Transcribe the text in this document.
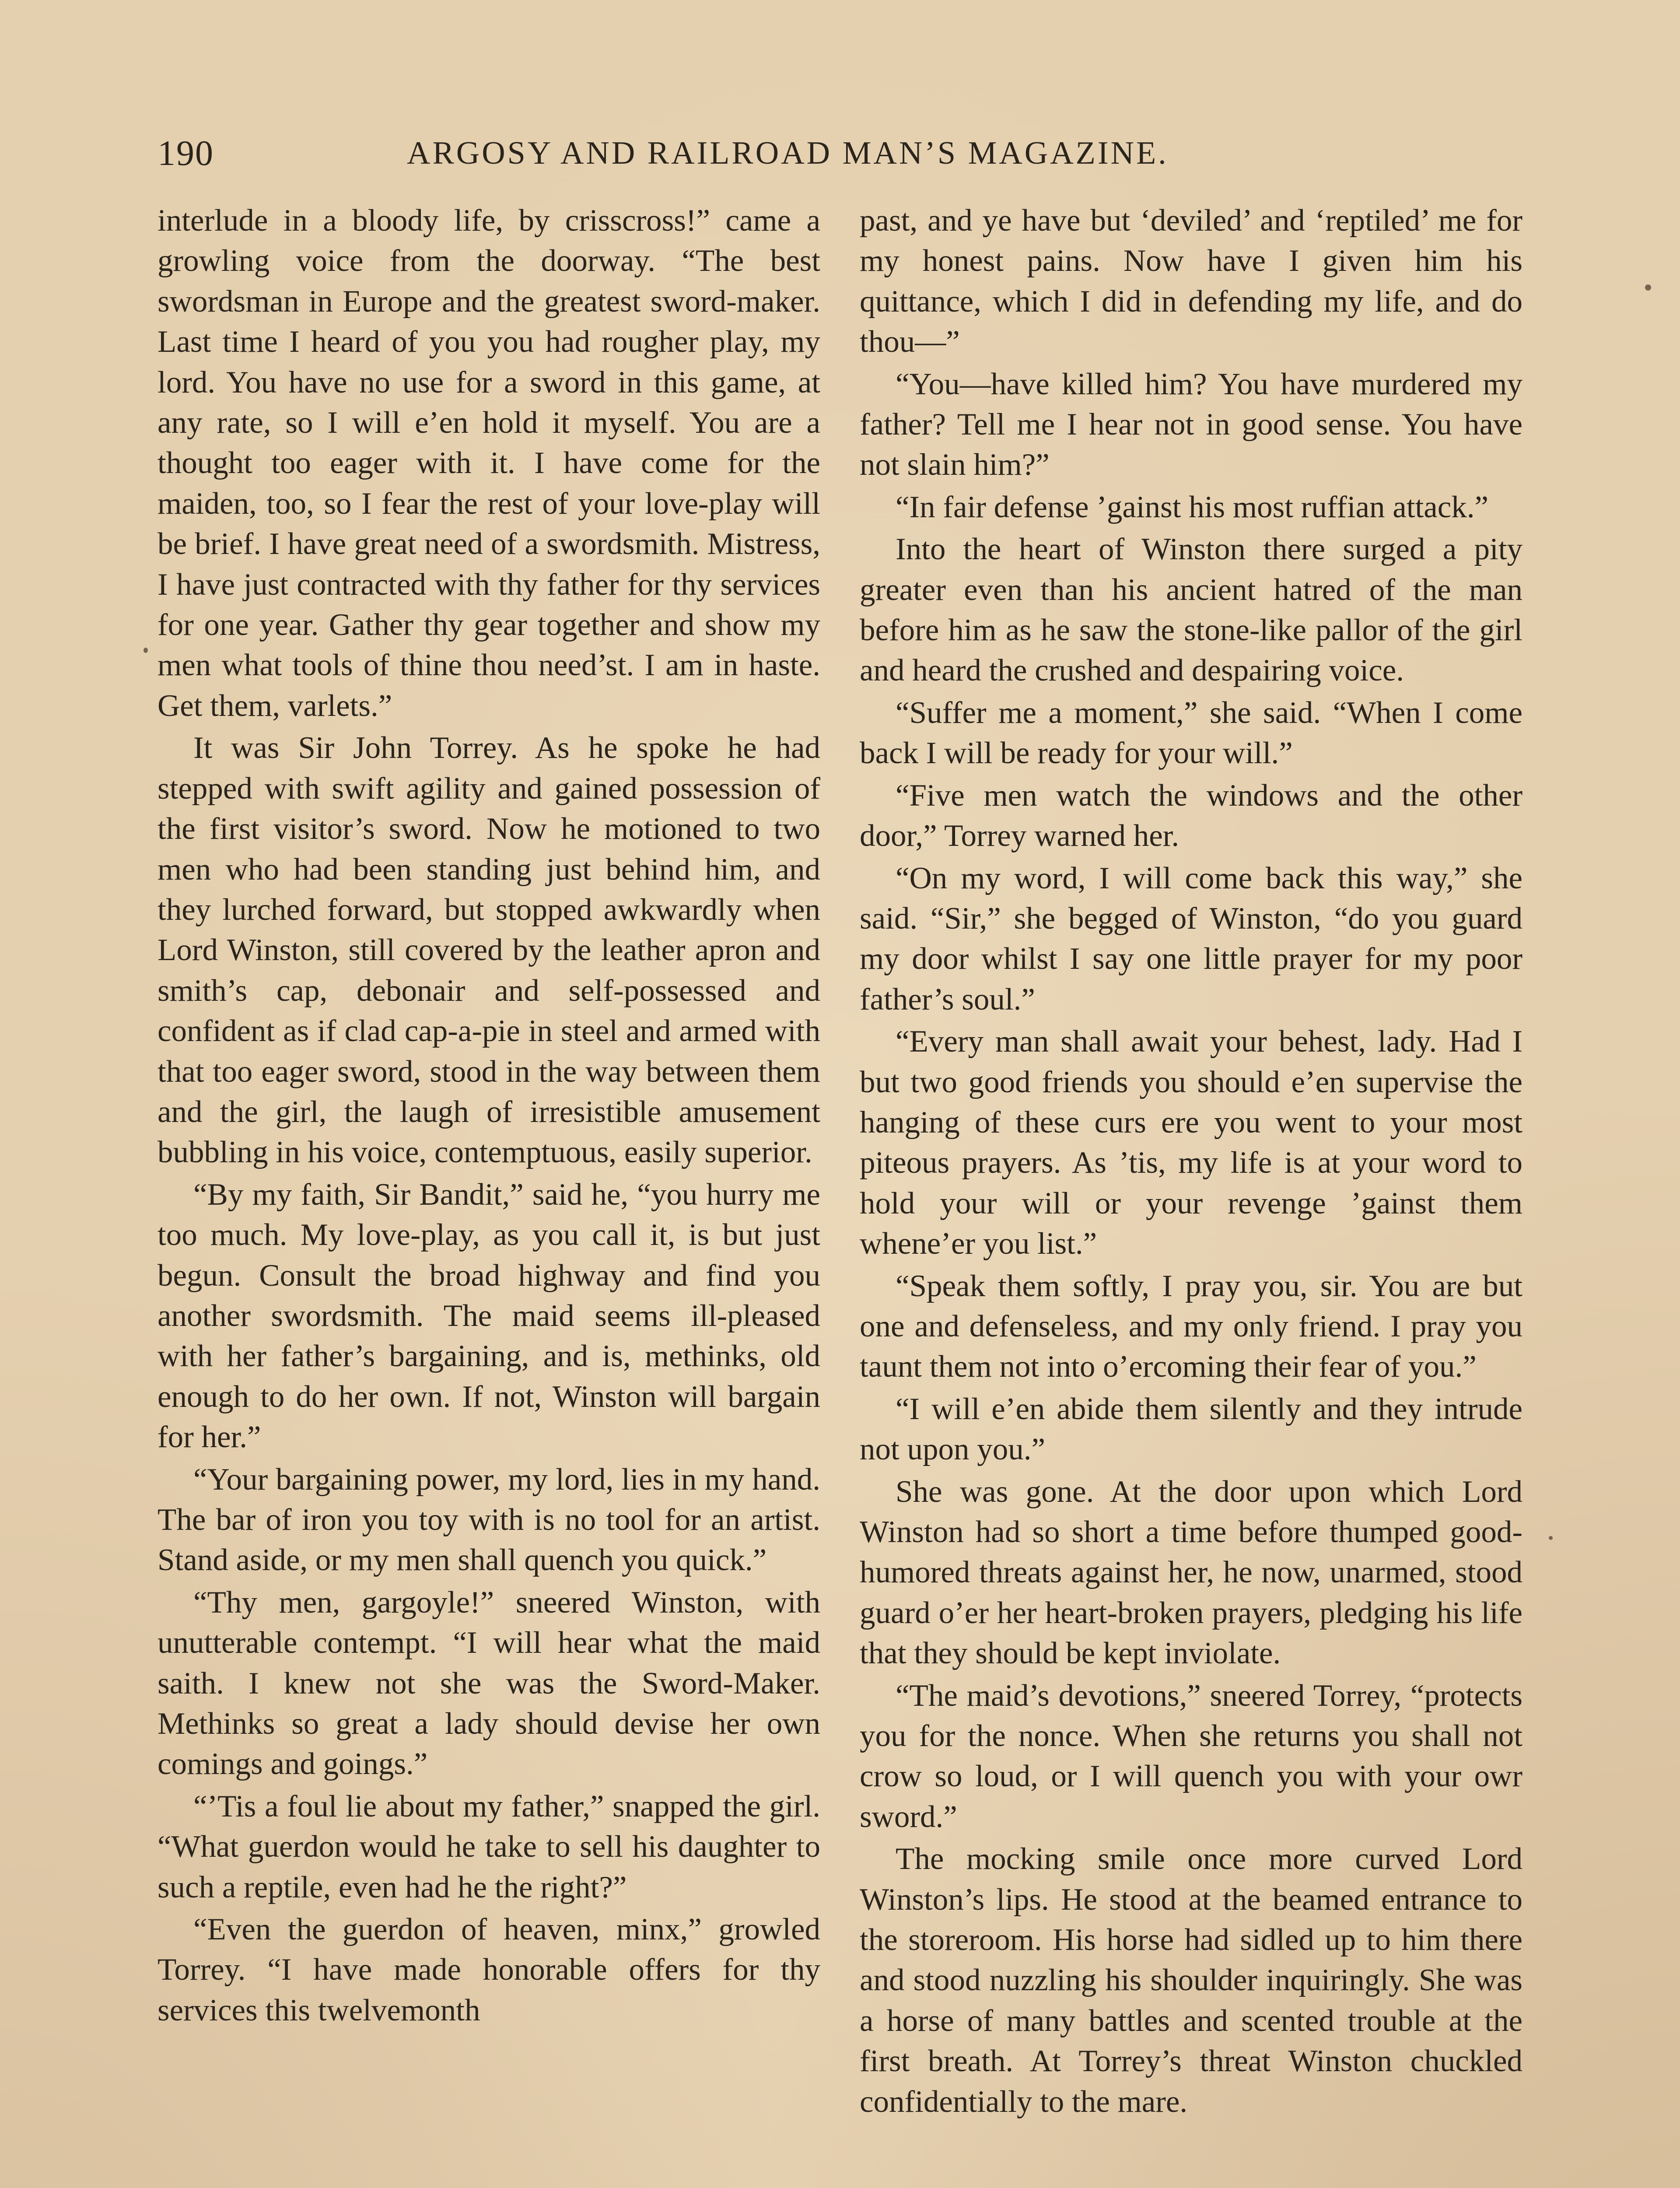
190	ARGOSY AND RAILROAD MAN’S MAGAZINE.

interlude in a bloody life, by crisscross!” came a growling voice from the doorway. “The best swordsman in Europe and the greatest sword-maker. Last time I heard of you you had rougher play, my lord. You have no use for a sword in this game, at any rate, so I will e’en hold it myself. You are a thought too eager with it. I have come for the maiden, too, so I fear the rest of your love-play will be brief. I have great need of a swordsmith. Mistress, I have just contracted with thy father for thy services for one year. Gather thy gear together and show my men what tools of thine thou need’st. I am in haste. Get them, varlets.”

It was Sir John Torrey. As he spoke he had stepped with swift agility and gained possession of the first visitor’s sword. Now he motioned to two men who had been standing just behind him, and they lurched forward, but stopped awkwardly when Lord Winston, still covered by the leather apron and smith’s cap, debonair and self-possessed and confident as if clad cap-a-pie in steel and armed with that too eager sword, stood in the way between them and the girl, the laugh of irresistible amusement bubbling in his voice, contemptuous, easily superior.

“By my faith, Sir Bandit,” said he, “you hurry me too much. My love-play, as you call it, is but just begun. Consult the broad highway and find you another swordsmith. The maid seems ill-pleased with her father’s bargaining, and is, methinks, old enough to do her own. If not, Winston will bargain for her.”

“Your bargaining power, my lord, lies in my hand. The bar of iron you toy with is no tool for an artist. Stand aside, or my men shall quench you quick.”

“Thy men, gargoyle!” sneered Winston, with unutterable contempt. “I will hear what the maid saith. I knew not she was the Sword-Maker. Methinks so great a lady should devise her own comings and goings.”

“’Tis a foul lie about my father,” snapped the girl. “What guerdon would he take to sell his daughter to such a reptile, even had he the right?”

“Even the guerdon of heaven, minx,” growled Torrey. “I have made honorable offers for thy services this twelvemonth

past, and ye have but ‘deviled’ and ‘reptiled’ me for my honest pains. Now have I given him his quittance, which I did in defending my life, and do thou—”

“You—have killed him? You have murdered my father? Tell me I hear not in good sense. You have not slain him?”

“In fair defense ’gainst his most ruffian attack.”

Into the heart of Winston there surged a pity greater even than his ancient hatred of the man before him as he saw the stone-like pallor of the girl and heard the crushed and despairing voice.

“Suffer me a moment,” she said. “When I come back I will be ready for your will.”

“Five men watch the windows and the other door,” Torrey warned her.

“On my word, I will come back this way,” she said. “Sir,” she begged of Winston, “do you guard my door whilst I say one little prayer for my poor father’s soul.”

“Every man shall await your behest, lady. Had I but two good friends you should e’en supervise the hanging of these curs ere you went to your most piteous prayers. As ’tis, my life is at your word to hold your will or your revenge ’gainst them whene’er you list.”

“Speak them softly, I pray you, sir. You are but one and defenseless, and my only friend. I pray you taunt them not into o’ercoming their fear of you.”

“I will e’en abide them silently and they intrude not upon you.”

She was gone. At the door upon which Lord Winston had so short a time before thumped good-humored threats against her, he now, unarmed, stood guard o’er her heart-broken prayers, pledging his life that they should be kept inviolate.

“The maid’s devotions,” sneered Torrey, “protects you for the nonce. When she returns you shall not crow so loud, or I will quench you with your owr sword.”

The mocking smile once more curved Lord Winston’s lips. He stood at the beamed entrance to the storeroom. His horse had sidled up to him there and stood nuzzling his shoulder inquiringly. She was a horse of many battles and scented trouble at the first breath. At Torrey’s threat Winston chuckled confidentially to the mare.
